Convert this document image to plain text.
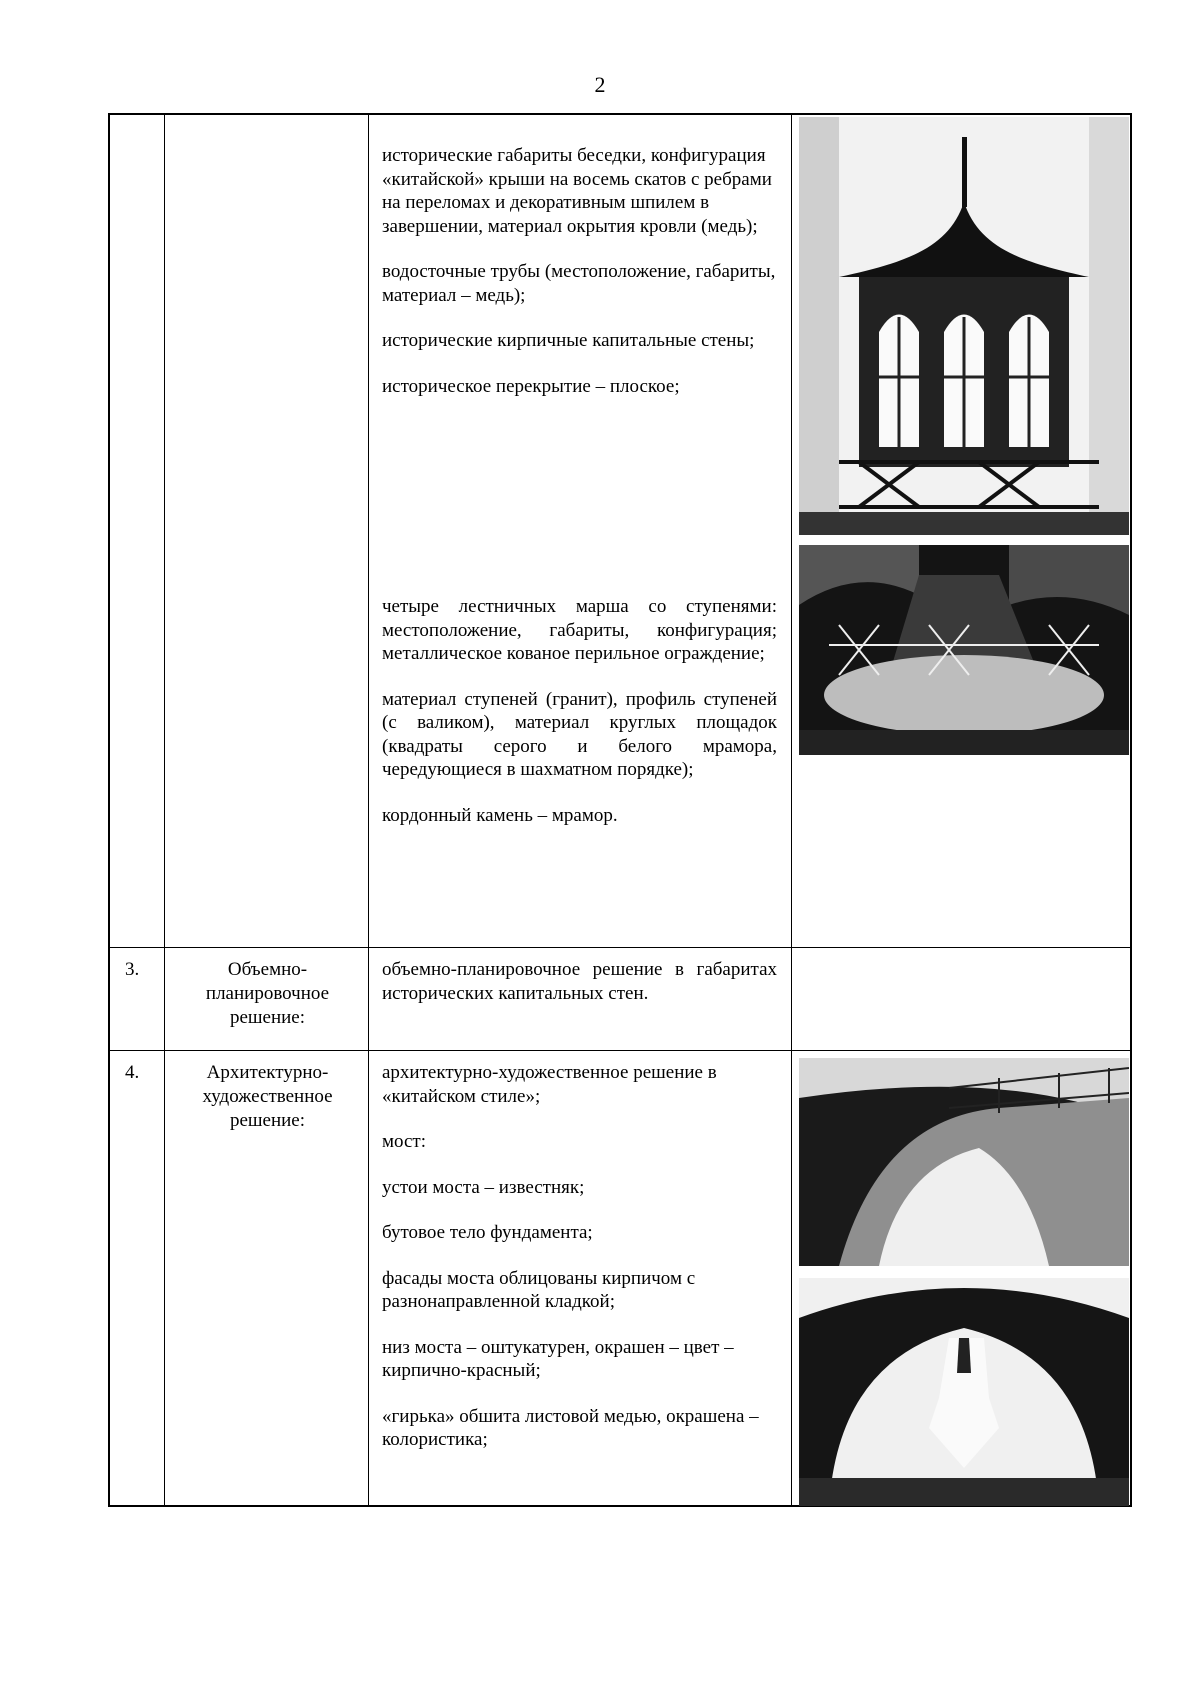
2

исторические габариты беседки, конфигурация «китайской» крыши на восемь скатов с ребрами на переломах и декоративным шпилем в завершении, материал окрытия кровли (медь);

водосточные трубы (местоположение, габариты, материал – медь);

исторические кирпичные капитальные стены;

историческое перекрытие – плоское;

четыре лестничных марша со ступенями: местоположение, габариты, конфигурация; металлическое кованое перильное ограждение;

материал ступеней (гранит), профиль ступеней (с валиком), материал круглых площадок (квадраты серого и белого мрамора, чередующиеся в шахматном порядке);

кордонный камень – мрамор.

3.	Объемно-планировочное решение:

объемно-планировочное решение в габаритах исторических капитальных стен.

4.	Архитектурно-художественное решение:

архитектурно-художественное решение в «китайском стиле»;

мост:

устои моста – известняк;

бутовое тело фундамента;

фасады моста облицованы кирпичом с разнонаправленной кладкой;

низ моста – оштукатурен, окрашен – цвет – кирпично-красный;

«гирька» обшита листовой медью, окрашена – колористика;
